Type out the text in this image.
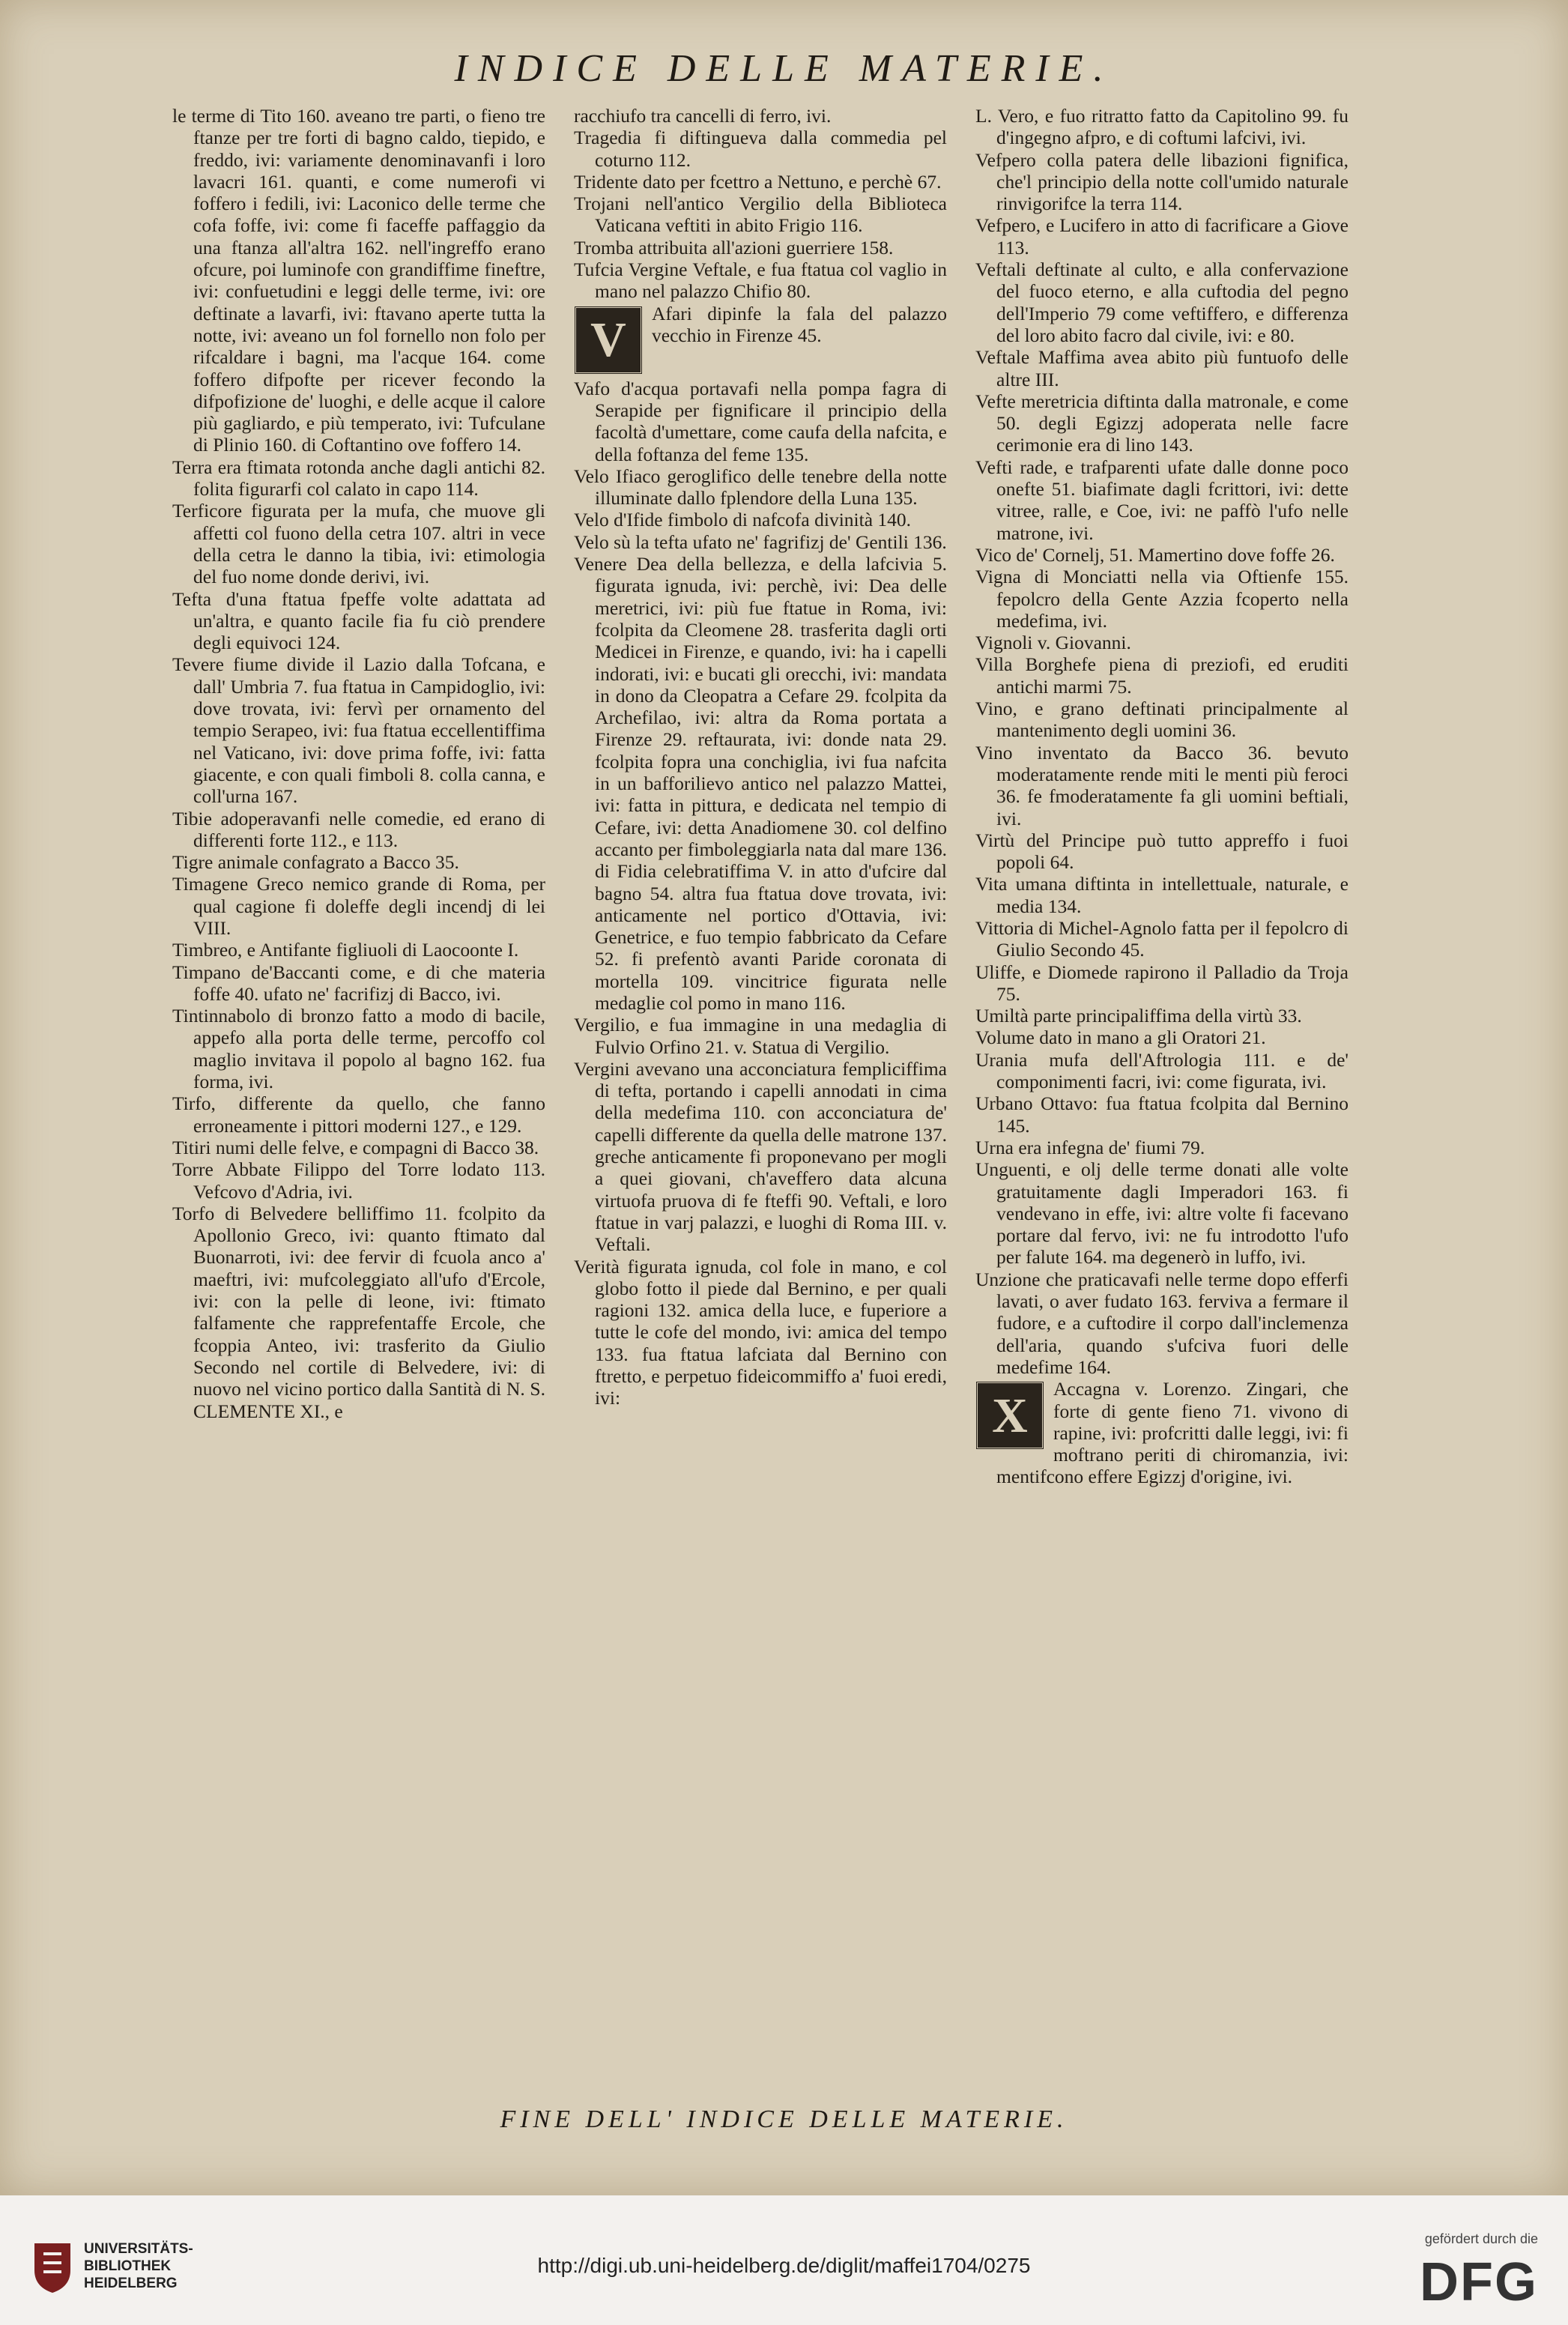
INDICE DELLE MATERIE.

le terme di Tito 160. aveano tre parti, o fieno tre ftanze per tre forti di bagno caldo, tiepido, e freddo, ivi: variamente denominavanfi i loro lavacri 161. quanti, e come numerofi vi foffero i fedili, ivi: Laconico delle terme che cofa foffe, ivi: come fi faceffe paffaggio da una ftanza all'altra 162. nell'ingreffo erano ofcure, poi luminofe con grandiffime fineftre, ivi: confuetudini e leggi delle terme, ivi: ore deftinate a lavarfi, ivi: ftavano aperte tutta la notte, ivi: aveano un fol fornello non folo per rifcaldare i bagni, ma l'acque 164. come foffero difpofte per ricever fecondo la difpofizione de' luoghi, e delle acque il calore più gagliardo, e più temperato, ivi: Tufculane di Plinio 160. di Coftantino ove foffero 14.

Terra era ftimata rotonda anche dagli antichi 82. folita figurarfi col calato in capo 114.

Terficore figurata per la mufa, che muove gli affetti col fuono della cetra 107. altri in vece della cetra le danno la tibia, ivi: etimologia del fuo nome donde derivi, ivi.

Tefta d'una ftatua fpeffe volte adattata ad un'altra, e quanto facile fia fu ciò prendere degli equivoci 124.

Tevere fiume divide il Lazio dalla Tofcana, e dall' Umbria 7. fua ftatua in Campidoglio, ivi: dove trovata, ivi: fervì per ornamento del tempio Serapeo, ivi: fua ftatua eccellentiffima nel Vaticano, ivi: dove prima foffe, ivi: fatta giacente, e con quali fimboli 8. colla canna, e coll'urna 167.

Tibie adoperavanfi nelle comedie, ed erano di differenti forte 112., e 113.

Tigre animale confagrato a Bacco 35.

Timagene Greco nemico grande di Roma, per qual cagione fi doleffe degli incendj di lei VIII.

Timbreo, e Antifante figliuoli di Laocoonte I.

Timpano de'Baccanti come, e di che materia foffe 40. ufato ne' facrifizj di Bacco, ivi.

Tintinnabolo di bronzo fatto a modo di bacile, appefo alla porta delle terme, percoffo col maglio invitava il popolo al bagno 162. fua forma, ivi.

Tirfo, differente da quello, che fanno erroneamente i pittori moderni 127., e 129.

Titiri numi delle felve, e compagni di Bacco 38.

Torre Abbate Filippo del Torre lodato 113. Vefcovo d'Adria, ivi.

Torfo di Belvedere belliffimo 11. fcolpito da Apollonio Greco, ivi: quanto ftimato dal Buonarroti, ivi: dee fervir di fcuola anco a' maeftri, ivi: mufcoleggiato all'ufo d'Ercole, ivi: con la pelle di leone, ivi: ftimato falfamente che rapprefentaffe Ercole, che fcoppia Anteo, ivi: trasferito da Giulio Secondo nel cortile di Belvedere, ivi: di nuovo nel vicino portico dalla Santità di N. S. CLEMENTE XI., e

racchiufo tra cancelli di ferro, ivi.

Tragedia fi diftingueva dalla commedia pel coturno 112.

Tridente dato per fcettro a Nettuno, e perchè 67.

Trojani nell'antico Vergilio della Biblioteca Vaticana veftiti in abito Frigio 116.

Tromba attribuita all'azioni guerriere 158.

Tufcia Vergine Veftale, e fua ftatua col vaglio in mano nel palazzo Chifio 80.

V	Afari dipinfe la fala del palazzo vecchio in Firenze 45.

Vafo d'acqua portavafi nella pompa fagra di Serapide per fignificare il principio della facoltà d'umettare, come caufa della nafcita, e della foftanza del feme 135.

Velo Ifiaco geroglifico delle tenebre della notte illuminate dallo fplendore della Luna 135.

Velo d'Ifide fimbolo di nafcofa divinità 140.

Velo sù la tefta ufato ne' fagrifizj de' Gentili 136.

Venere Dea della bellezza, e della lafcivia 5. figurata ignuda, ivi: perchè, ivi: Dea delle meretrici, ivi: più fue ftatue in Roma, ivi: fcolpita da Cleomene 28. trasferita dagli orti Medicei in Firenze, e quando, ivi: ha i capelli indorati, ivi: e bucati gli orecchi, ivi: mandata in dono da Cleopatra a Cefare 29. fcolpita da Archefilao, ivi: altra da Roma portata a Firenze 29. reftaurata, ivi: donde nata 29. fcolpita fopra una conchiglia, ivi fua nafcita in un bafforilievo antico nel palazzo Mattei, ivi: fatta in pittura, e dedicata nel tempio di Cefare, ivi: detta Anadiomene 30. col delfino accanto per fimboleggiarla nata dal mare 136. di Fidia celebratiffima V. in atto d'ufcire dal bagno 54. altra fua ftatua dove trovata, ivi: anticamente nel portico d'Ottavia, ivi: Genetrice, e fuo tempio fabbricato da Cefare 52. fi prefentò avanti Paride coronata di mortella 109. vincitrice figurata nelle medaglie col pomo in mano 116.

Vergilio, e fua immagine in una medaglia di Fulvio Orfino 21. v. Statua di Vergilio.

Vergini avevano una acconciatura fempliciffima di tefta, portando i capelli annodati in cima della medefima 110. con acconciatura de' capelli differente da quella delle matrone 137. greche anticamente fi proponevano per mogli a quei giovani, ch'aveffero data alcuna virtuofa pruova di fe fteffi 90. Veftali, e loro ftatue in varj palazzi, e luoghi di Roma III. v. Veftali.

Verità figurata ignuda, col fole in mano, e col globo fotto il piede dal Bernino, e per quali ragioni 132. amica della luce, e fuperiore a tutte le cofe del mondo, ivi: amica del tempo 133. fua ftatua lafciata dal Bernino con ftretto, e perpetuo fideicommiffo a' fuoi eredi, ivi:

L. Vero, e fuo ritratto fatto da Capitolino 99. fu d'ingegno afpro, e di coftumi lafcivi, ivi.

Vefpero colla patera delle libazioni fignifica, che'l principio della notte coll'umido naturale rinvigorifce la terra 114.

Vefpero, e Lucifero in atto di facrificare a Giove 113.

Veftali deftinate al culto, e alla confervazione del fuoco eterno, e alla cuftodia del pegno dell'Imperio 79 come veftiffero, e differenza del loro abito facro dal civile, ivi: e 80.

Veftale Maffima avea abito più funtuofo delle altre III.

Vefte meretricia diftinta dalla matronale, e come 50. degli Egizzj adoperata nelle facre cerimonie era di lino 143.

Vefti rade, e trafparenti ufate dalle donne poco onefte 51. biafimate dagli fcrittori, ivi: dette vitree, ralle, e Coe, ivi: ne paffò l'ufo nelle matrone, ivi.

Vico de' Cornelj, 51. Mamertino dove foffe 26.

Vigna di Monciatti nella via Oftienfe 155. fepolcro della Gente Azzia fcoperto nella medefima, ivi.

Vignoli v. Giovanni.

Villa Borghefe piena di preziofi, ed eruditi antichi marmi 75.

Vino, e grano deftinati principalmente al mantenimento degli uomini 36.

Vino inventato da Bacco 36. bevuto moderatamente rende miti le menti più feroci 36. fe fmoderatamente fa gli uomini beftiali, ivi.

Virtù del Principe può tutto appreffo i fuoi popoli 64.

Vita umana diftinta in intellettuale, naturale, e media 134.

Vittoria di Michel-Agnolo fatta per il fepolcro di Giulio Secondo 45.

Uliffe, e Diomede rapirono il Palladio da Troja 75.

Umiltà parte principaliffima della virtù 33.

Volume dato in mano a gli Oratori 21.

Urania mufa dell'Aftrologia 111. e de' componimenti facri, ivi: come figurata, ivi.

Urbano Ottavo: fua ftatua fcolpita dal Bernino 145.

Urna era infegna de' fiumi 79.

Unguenti, e olj delle terme donati alle volte gratuitamente dagli Imperadori 163. fi vendevano in effe, ivi: altre volte fi facevano portare dal fervo, ivi: ne fu introdotto l'ufo per falute 164. ma degenerò in luffo, ivi.

Unzione che praticavafi nelle terme dopo efferfi lavati, o aver fudato 163. ferviva a fermare il fudore, e a cuftodire il corpo dall'inclemenza dell'aria, quando s'ufciva fuori delle medefime 164.

X	Accagna v. Lorenzo. Zingari, che forte di gente fieno 71. vivono di rapine, ivi: profcritti dalle leggi, ivi: fi moftrano periti di chiromanzia, ivi: mentifcono effere Egizzj d'origine, ivi.

FINE DELL' INDICE DELLE MATERIE.
UNIVERSITÄTS-
BIBLIOTHEK
HEIDELBERG
http://digi.ub.uni-heidelberg.de/diglit/maffei1704/0275
gefördert durch die
DFG
